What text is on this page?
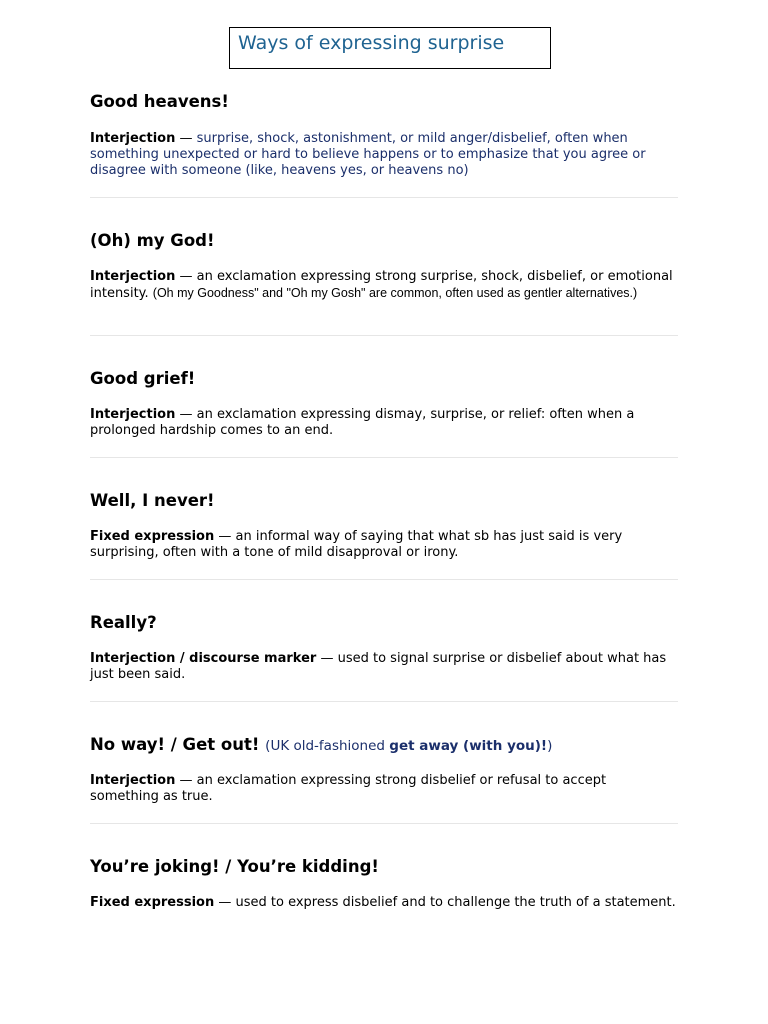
Ways of expressing surprise
Good heavens!
Interjection — surprise, shock, astonishment, or mild anger/disbelief, often when something unexpected or hard to believe happens or to emphasize that you agree or disagree with someone (like, heavens yes, or heavens no)
(Oh) my God!
Interjection — an exclamation expressing strong surprise, shock, disbelief, or emotional intensity. (Oh my Goodness" and "Oh my Gosh" are common, often used as gentler alternatives.)
Good grief!
Interjection — an exclamation expressing dismay, surprise, or relief: often when a prolonged hardship comes to an end.
Well, I never!
Fixed expression — an informal way of saying that what sb has just said is very surprising, often with a tone of mild disapproval or irony.
Really?
Interjection / discourse marker — used to signal surprise or disbelief about what has just been said.
No way! / Get out! (UK old-fashioned get away (with you)!)
Interjection — an exclamation expressing strong disbelief or refusal to accept something as true.
You’re joking! / You’re kidding!
Fixed expression — used to express disbelief and to challenge the truth of a statement.
